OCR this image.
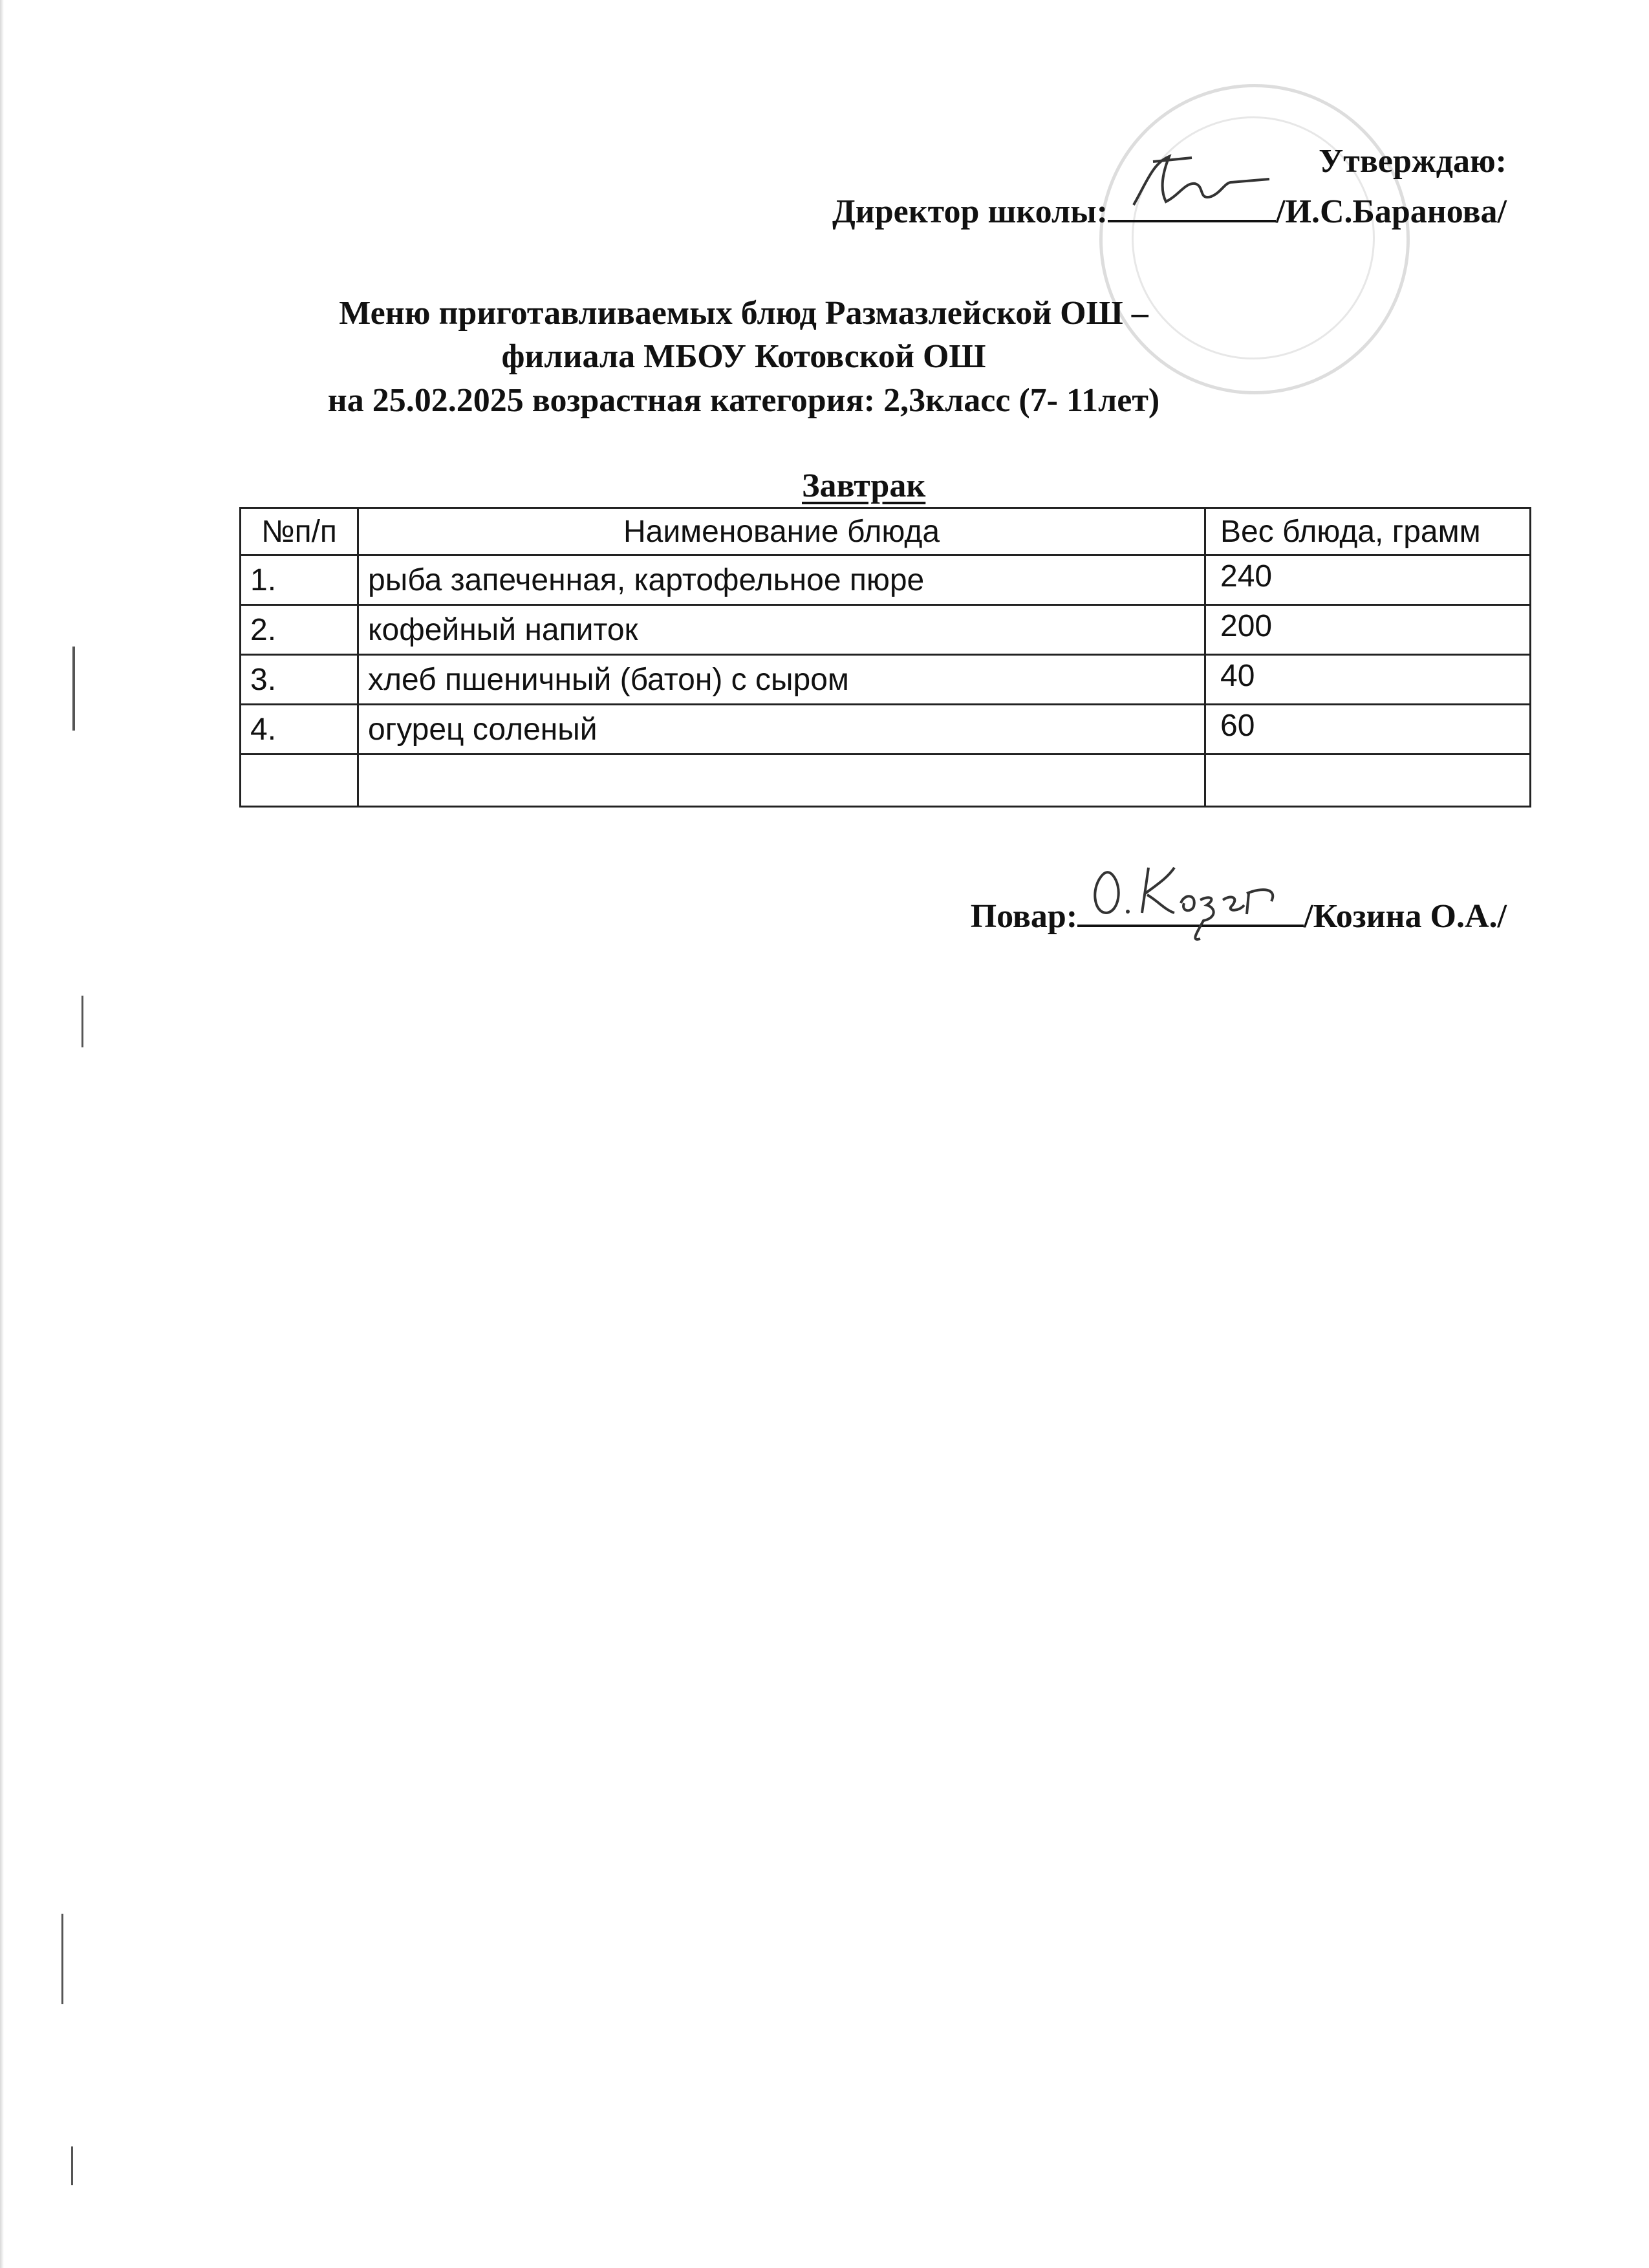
Утверждаю:
Директор школы:	/И.С.Баранова/
Меню приготавливаемых блюд Размазлейской ОШ –
филиала МБОУ Котовской ОШ
на 25.02.2025 возрастная категория: 2,3класс (7- 11лет)
Завтрак
№п/п	Наименование блюда	Вес блюда, грамм
1.	рыба запеченная, картофельное пюре	240
2.	кофейный напиток	200
3.	хлеб пшеничный (батон) с сыром	40
4.	огурец соленый	60

Повар:	/Козина О.А./
